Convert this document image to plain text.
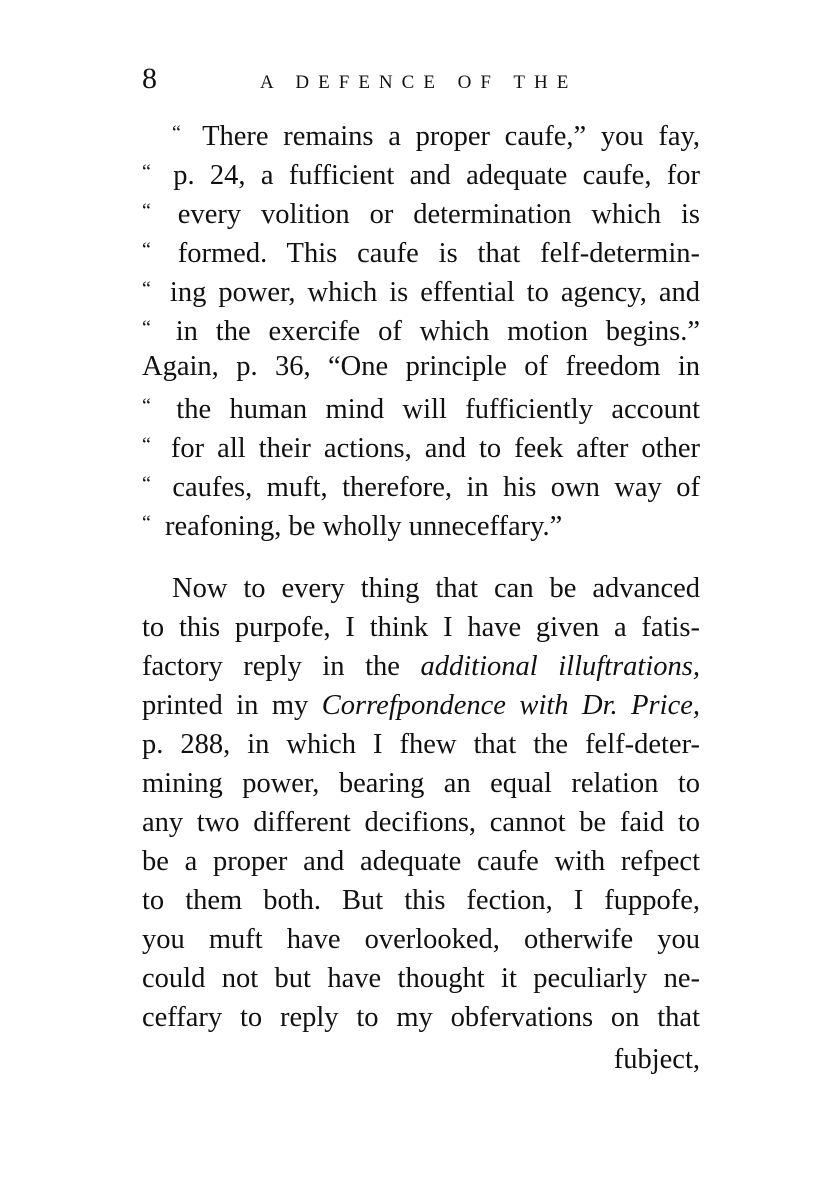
8	A DEFENCE OF THE
“ There remains a proper caufe,” you fay,
“ p. 24, a fufficient and adequate caufe, for
“ every volition or determination which is
“ formed. This caufe is that felf-determin-
“ ing power, which is effential to agency, and
“ in the exercife of which motion begins.”
Again, p. 36, “One principle of freedom in
“ the human mind will fufficiently account
“ for all their actions, and to feek after other
“ caufes, muft, therefore, in his own way of
“ reafoning, be wholly unneceffary.”
Now to every thing that can be advanced
to this purpofe, I think I have given a fatis-
factory reply in the additional illuftrations,
printed in my Correfpondence with Dr. Price,
p. 288, in which I fhew that the felf-deter-
mining power, bearing an equal relation to
any two different decifions, cannot be faid to
be a proper and adequate caufe with refpect
to them both. But this fection, I fuppofe,
you muft have overlooked, otherwife you
could not but have thought it peculiarly ne-
ceffary to reply to my obfervations on that
fubject,
